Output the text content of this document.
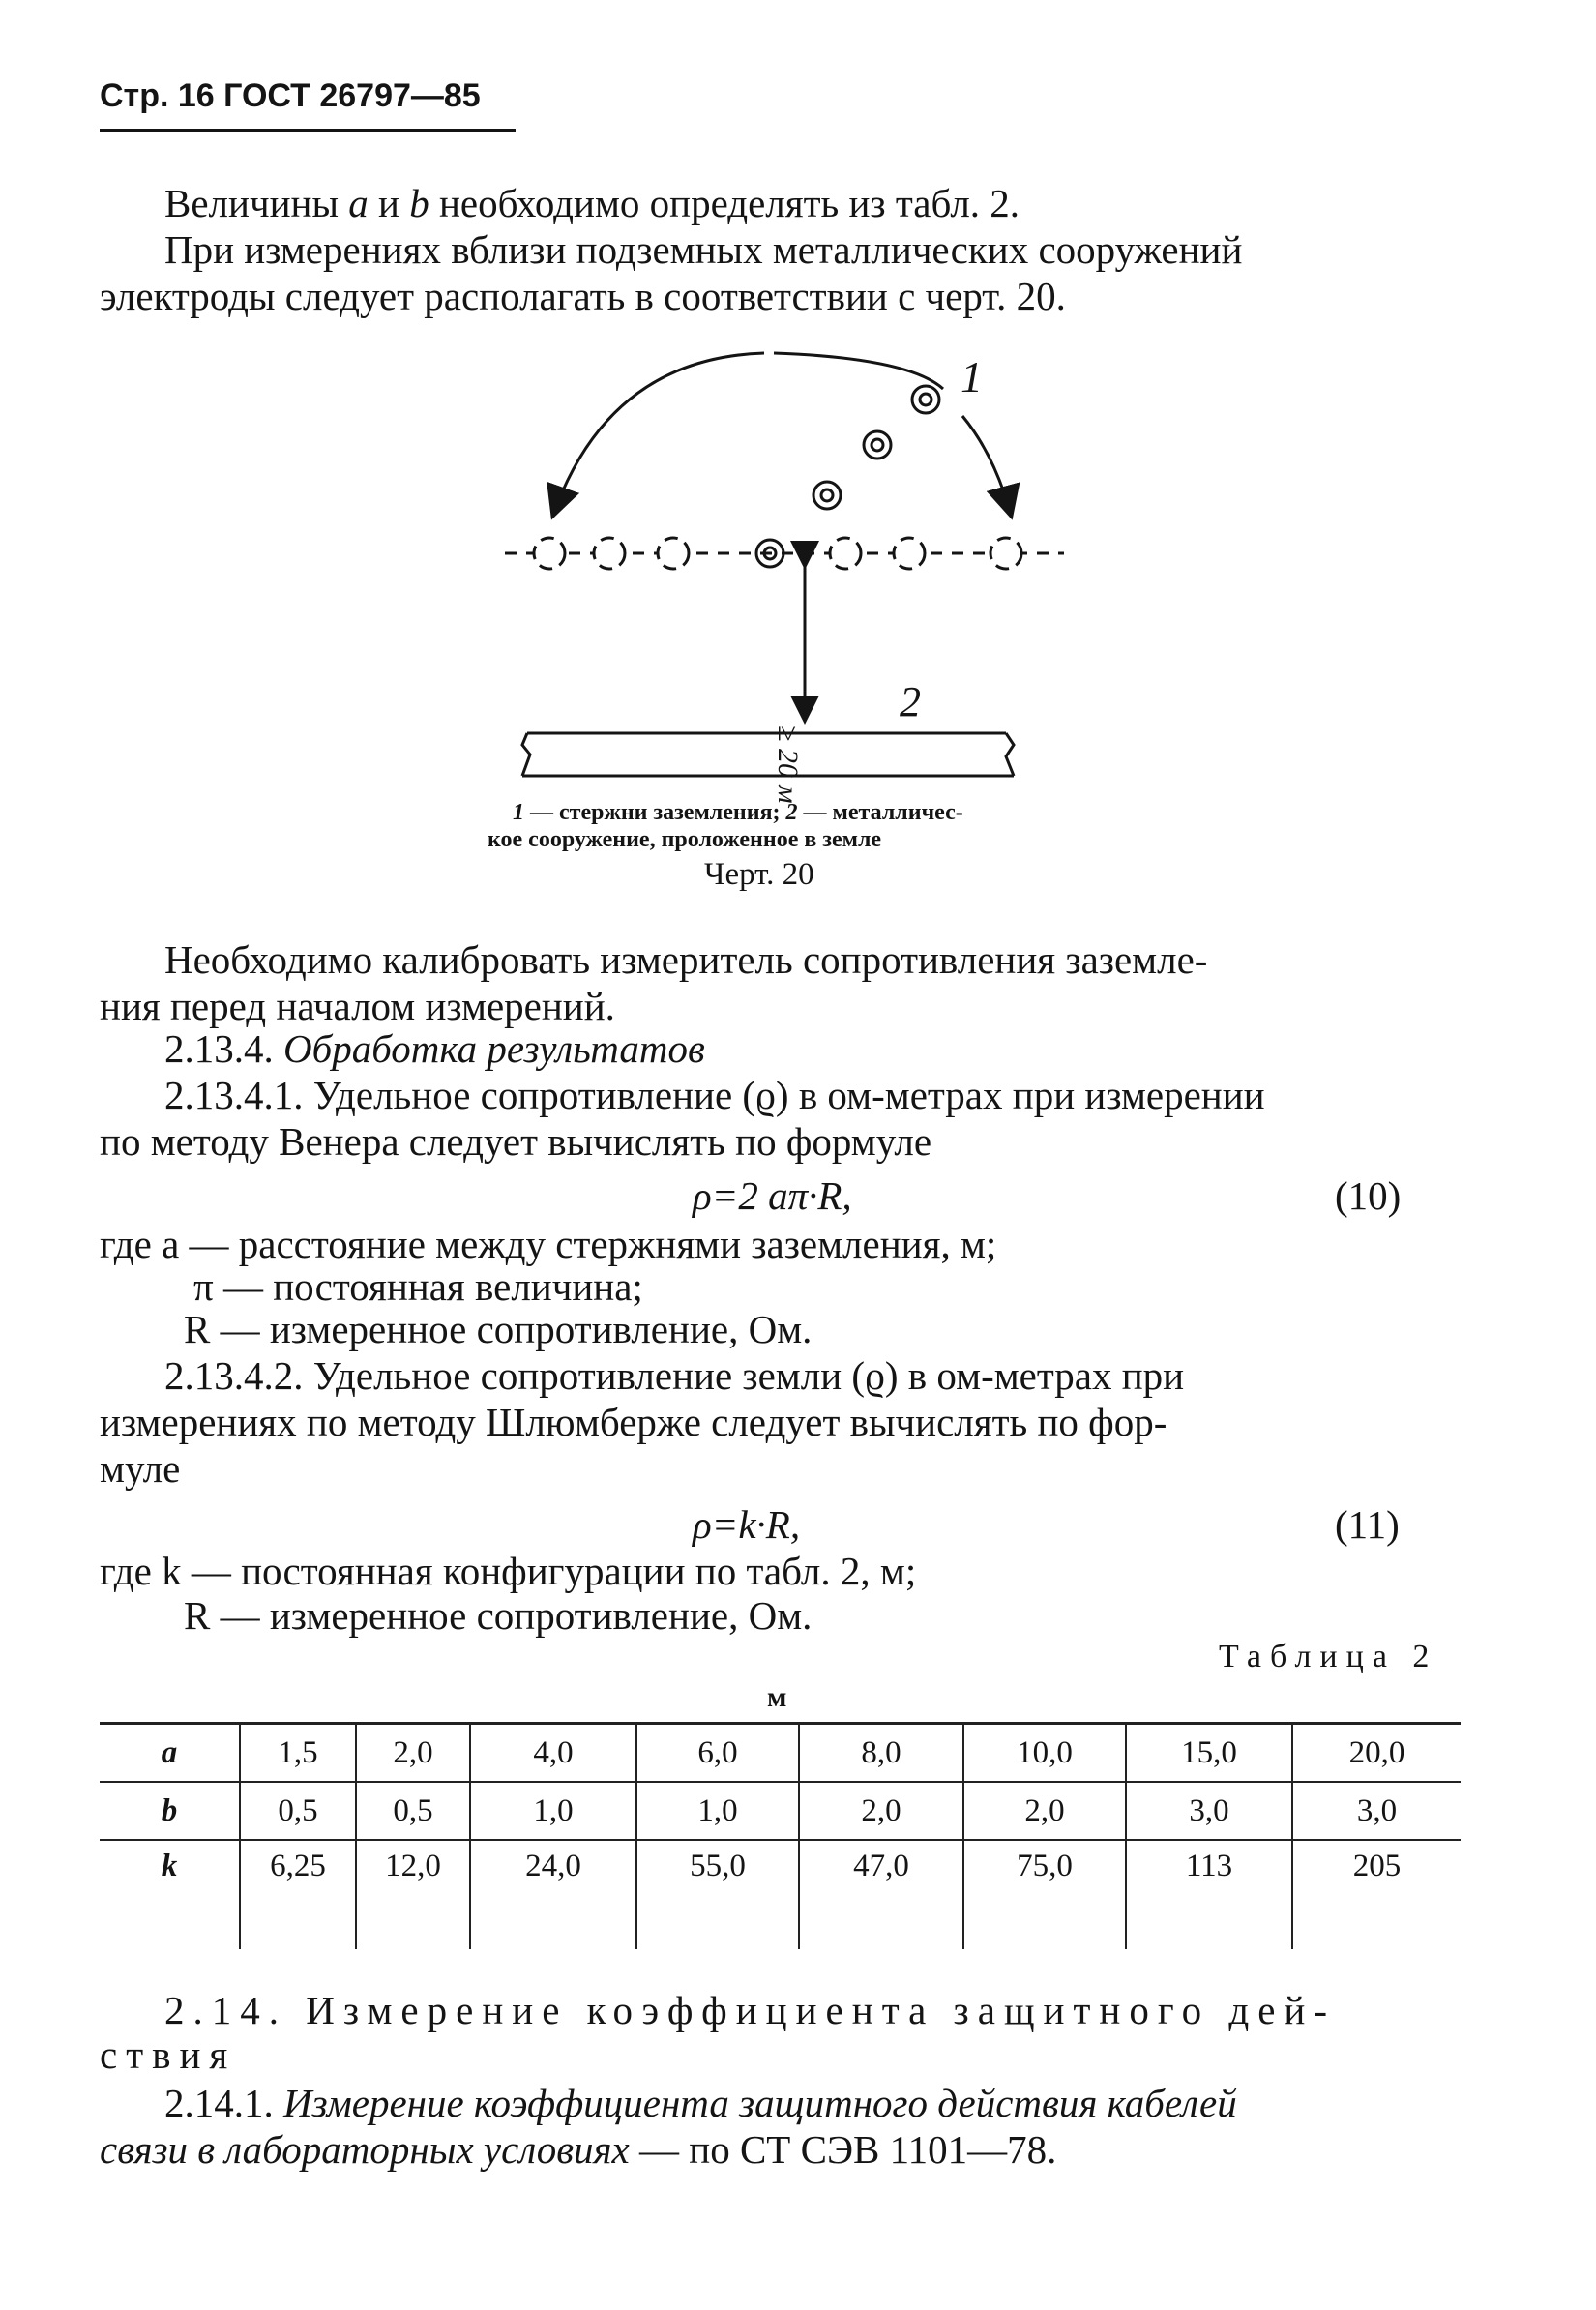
Стр. 16 ГОСТ 26797—85
Величины a и b необходимо определять из табл. 2.
При измерениях вблизи подземных металлических сооружений
электроды следует располагать в соответствии с черт. 20.
≥ 20 м
1
2
1 — стержни заземления; 2 — металличес-
кое сооружение, проложенное в земле
Черт. 20
Необходимо калибровать измеритель сопротивления заземле-
ния перед началом измерений.
2.13.4. Обработка результатов
2.13.4.1. Удельное сопротивление (ϱ) в ом-метрах при измерении
по методу Венера следует вычислять по формуле
ρ=2 aπ·R,	(10)
где a — расстояние между стержнями заземления, м;
π — постоянная величина;
R — измеренное сопротивление, Ом.
2.13.4.2. Удельное сопротивление земли (ϱ) в ом-метрах при
измерениях по методу Шлюмберже следует вычислять по фор-
муле
ρ=k·R,	(11)
где k — постоянная конфигурации по табл. 2, м;
R — измеренное сопротивление, Ом.
Таблица 2
м
a	1,5	2,0	4,0	6,0	8,0	10,0	15,0	20,0
b	0,5	0,5	1,0	1,0	2,0	2,0	3,0	3,0
k	6,25	12,0	24,0	55,0	47,0	75,0	113	205

2.14. Измерение коэффициента защитного дей-
ствия
2.14.1. Измерение коэффициента защитного действия кабелей
связи в лабораторных условиях — по СТ СЭВ 1101—78.
